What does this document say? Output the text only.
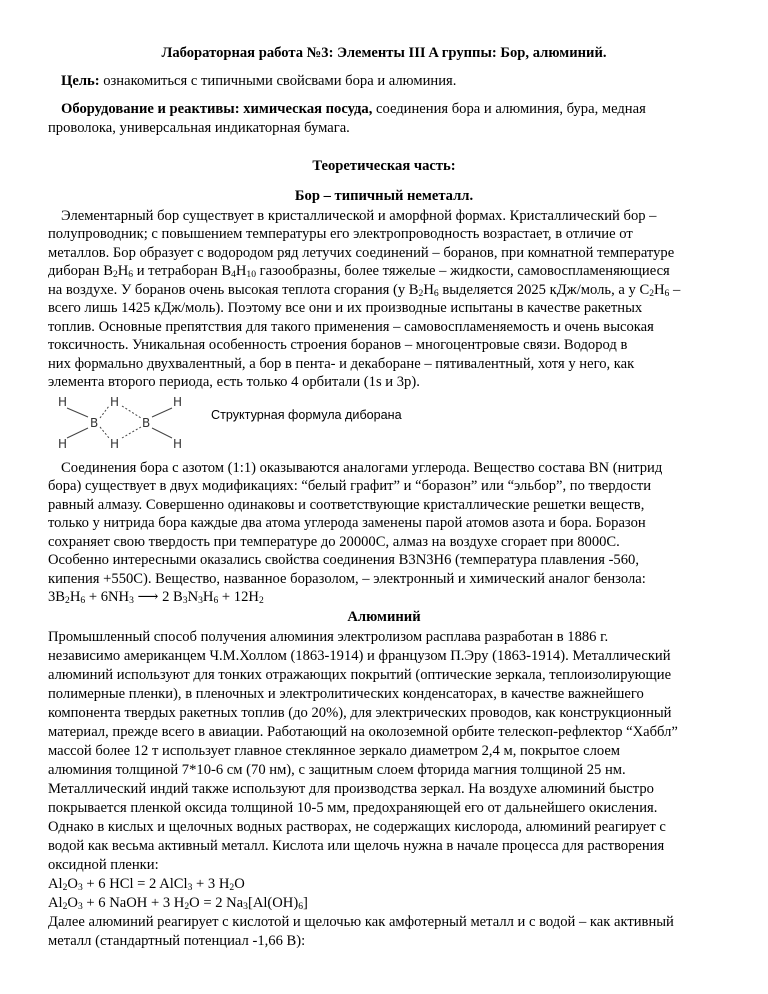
Лабораторная работа №3: Элементы III A группы: Бор, алюминий.
Цель: ознакомиться с типичными свойсвами бора и алюминия.
Оборудование и реактивы: химическая посуда, соединения бора и алюминия, бура, медная
проволока, универсальная индикаторная бумага.
Теоретическая часть:
Бор – типичный неметалл.
Элементарный бор существует в кристаллической и аморфной формах. Кристаллический бор –
полупроводник; с повышением температуры его электропроводность возрастает, в отличие от
металлов. Бор образует с водородом ряд летучих соединений – боранов, при комнатной температуре
диборан $B_2H_6$ и тетраборан $B_4H_{10}$ газообразны, более тяжелые – жидкости, самовоспламеняющиеся
на воздухе. У боранов очень высокая теплота сгорания (у $B_2H_6$ выделяется 2025 кДж/моль, а у $C_2H_6$ –
всего лишь 1425 кДж/моль). Поэтому все они и их производные испытаны в качестве ракетных
топлив. Основные препятствия для такого применения – самовоспламеняемость и очень высокая
токсичность. Уникальная особенность строения боранов – многоцентровые связи. Водород в
них формально двухвалентный, а бор в пента- и декаборане – пятивалентный, хотя у него, как
элемента второго периода, есть только 4 орбитали (1s и 3p).
H
H
H
H
H
H
B	B
Структурная формула диборана
Соединения бора с азотом (1:1) оказываются аналогами углерода. Вещество состава BN (нитрид
бора) существует в двух модификациях: “белый графит” и “боразон” или “эльбор”, по твердости
равный алмазу. Совершенно одинаковы и соответствующие кристаллические решетки веществ,
только у нитрида бора каждые два атома углерода заменены парой атомов азота и бора. Боразон
сохраняет свою твердость при температуре до 20000С, алмаз на воздухе сгорает при 8000С.
Особенно интересными оказались свойства соединения B3N3H6 (температура плавления -560,
кипения +550С). Вещество, названное боразолом, – электронный и химический аналог бензола:
$3B_2H_6 + 6NH_3$ ⟶ 2 $B_3N_3H_6 + 12H_2$
Алюминий
Промышленный способ получения алюминия электролизом расплава разработан в 1886 г.
независимо американцем Ч.М.Холлом (1863-1914) и французом П.Эру (1863-1914). Металлический
алюминий используют для тонких отражающих покрытий (оптические зеркала, теплоизолирующие
полимерные пленки), в пленочных и электролитических конденсаторах, в качестве важнейшего
компонента твердых ракетных топлив (до 20%), для электрических проводов, как конструкционный
материал, прежде всего в авиации. Работающий на околоземной орбите телескоп-рефлектор “Хаббл”
массой более 12 т использует главное стеклянное зеркало диаметром 2,4 м, покрытое слоем
алюминия толщиной 7*10-6 см (70 нм), с защитным слоем фторида магния толщиной 25 нм.
Металлический индий также используют для производства зеркал. На воздухе алюминий быстро
покрывается пленкой оксида толщиной 10-5 мм, предохраняющей его от дальнейшего окисления.
Однако в кислых и щелочных водных растворах, не содержащих кислорода, алюминий реагирует с
водой как весьма активный металл. Кислота или щелочь нужна в начале процесса для растворения
оксидной пленки:
$Al_2O_3 + 6$ HCl = 2 AlCl$_3$ + 3 $H_2O$
$Al_2O_3 + 6$ NaOH + 3 $H_2O = 2$ $Na_3[Al(OH)_6]$
Далее алюминий реагирует с кислотой и щелочью как амфотерный металл и с водой – как активный
металл (стандартный потенциал -1,66 В):
